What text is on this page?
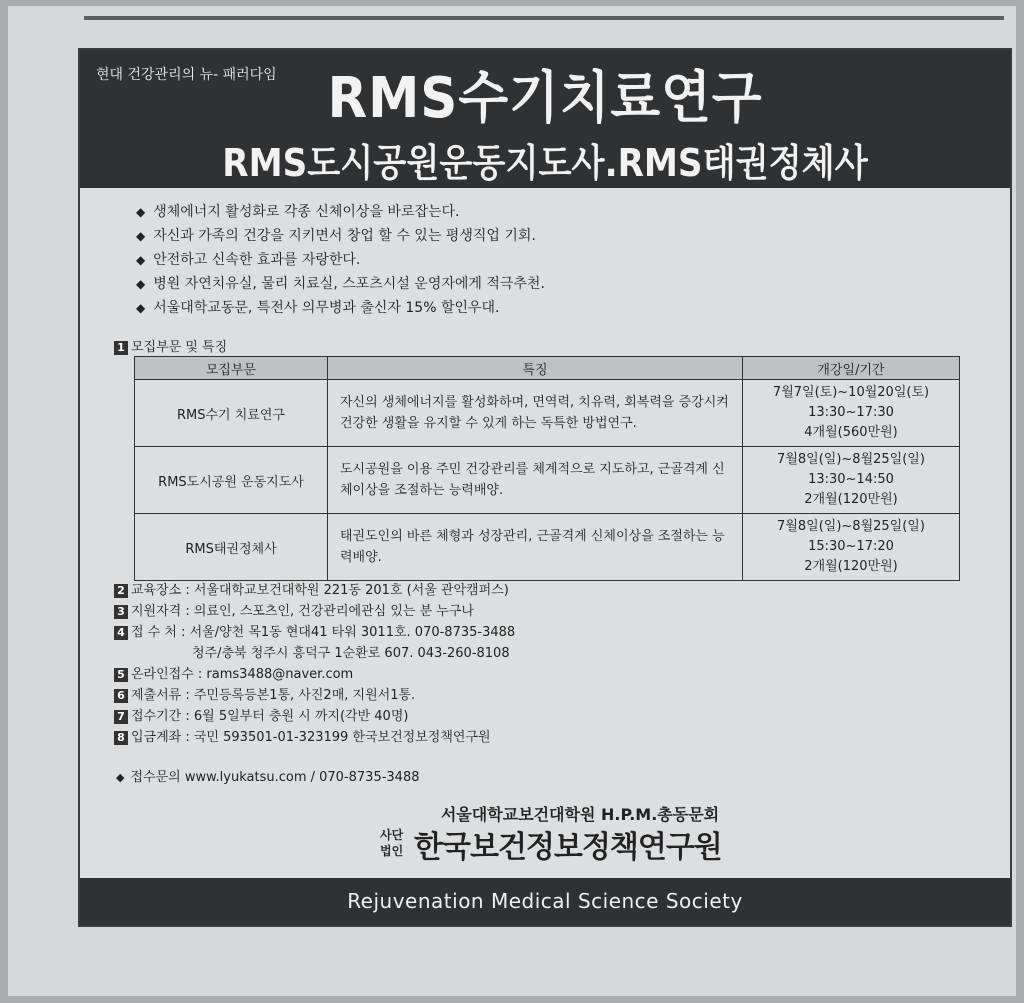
현대 건강관리의 뉴- 패러다임 RMS수기치료연구
RMS도시공원운동지도사.RMS태권정체사
◆ 생체에너지 활성화로 각종 신체이상을 바로잡는다.
◆ 자신과 가족의 건강을 지키면서 창업 할 수 있는 평생직업 기회.
◆ 안전하고 신속한 효과를 자랑한다.
◆ 병원 자연치유실, 물리 치료실, 스포츠시설 운영자에게 적극추천.
◆ 서울대학교동문, 특전사 의무병과 출신자 15% 할인우대.
1 모집부문 및 특징
모집부문	특징	개강일/기간
RMS수기 치료연구	자신의 생체에너지를 활성화하며, 면역력, 치유력, 회복력을 증강시켜 건강한 생활을 유지할 수 있게 하는 독특한 방법연구.	7월7일(토)~10월20일(토)
13:30~17:30
4개월(560만원)

RMS도시공원 운동지도사	도시공원을 이용 주민 건강관리를 체계적으로 지도하고, 근골격계 신체이상을 조절하는 능력배양.	7월8일(일)~8월25일(일)
13:30~14:50
2개월(120만원)

RMS태권정체사	태권도인의 바른 체형과 성장관리, 근골격계 신체이상을 조절하는 능력배양.	7월8일(일)~8월25일(일)
15:30~17:20
2개월(120만원)
2 교육장소 : 서울대학교보건대학원 221동 201호 (서울 관악캠퍼스)
3 지원자격 : 의료인, 스포츠인, 건강관리에관심 있는 분 누구나
4 접 수 처 : 서울/양천 목1동 현대41 타워 3011호. 070-8735-3488
청주/충북 청주시 흥덕구 1순환로 607. 043-260-8108
5 온라인접수 : rams3488@naver.com
6 제출서류 : 주민등록등본1통, 사진2매, 지원서1통.
7 접수기간 : 6월 5일부터 충원 시 까지(각반 40명)
8 입금계좌 : 국민 593501-01-323199 한국보건정보정책연구원
◆ 접수문의 www.lyukatsu.com / 070-8735-3488
서울대학교보건대학원 H.P.M.총동문회
사단
법인 한국보건정보정책연구원
Rejuvenation Medical Science Society
